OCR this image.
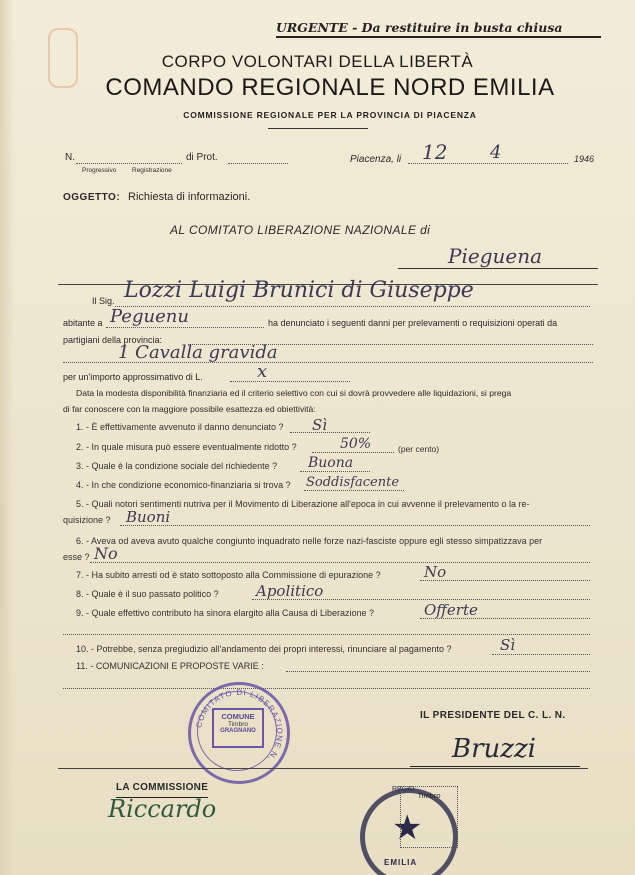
URGENTE - Da restituire in busta chiusa
CORPO VOLONTARI DELLA LIBERTÀ
COMANDO REGIONALE NORD EMILIA
COMMISSIONE REGIONALE PER LA PROVINCIA DI PIACENZA
N.	di Prot.
Progressivo Registrazione
Piacenza, li 12 4	1946
OGGETTO: Richiesta di informazioni.
AL COMITATO LIBERAZIONE NAZIONALE di
Pieguena
Il Sig. Lozzi Luigi Brunici di Giuseppe
abitante a Peguenu	ha denunciato i seguenti danni per prelevamenti o requisizioni operati da
partigiani della provincia:
1 Cavalla gravida
per un'importo approssimativo di L.	x
Data la modesta disponibilità finanziaria ed il criterio selettivo con cui si dovrà provvedere alle liquidazioni, si prega
di far conoscere con la maggiore possibile esattezza ed obiettività:
1. - È effettivamente avvenuto il danno denunciato ? Sì
2. - In quale misura può essere eventualmente ridotto ?	50%	(per cento)
3. - Quale è la condizione sociale del richiedente ? Buona
4. - In che condizione economico-finanziaria si trova ? Soddisfacente
5. - Quali notori sentimenti nutriva per il Movimento di Liberazione all'epoca in cui avvenne il prelevamento o la re-
quisizione ? Buoni
6. - Aveva od aveva avuto qualche congiunto inquadrato nelle forze nazi-fasciste oppure egli stesso simpatizzava per
esse ? No
7. - Ha subito arresti od è stato sottoposto alla Commissione di epurazione ?	No
8. - Quale è il suo passato politico ? Apolitico
9. - Quale effettivo contributo ha sinora elargito alla Causa di Liberazione ?	Offerte
10. - Potrebbe, senza pregiudizio all'andamento dei propri interessi, rinunciare al pagamento ?	Sì
11. - COMUNICAZIONI E PROPOSTE VARIE :
COMITATO DI LIBERAZIONE N.
COMUNE
Timbro
GRAGNANO
IL PRESIDENTE DEL C. L. N.
Bruzzi
LA COMMISSIONE
Riccardo	★
REGIO
EMILIA
Timbro
